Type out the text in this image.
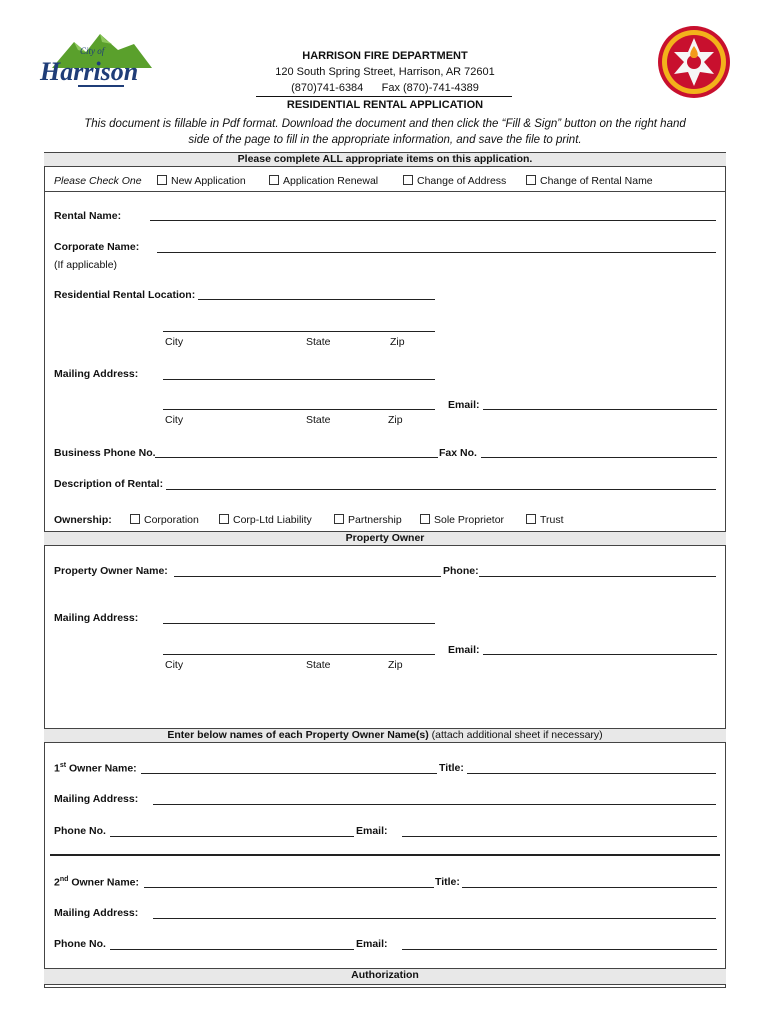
City of
Harrison
HARRISON FIRE DEPARTMENT
120 South Spring Street, Harrison, AR 72601
(870)741-6384      Fax (870)-741-4389
RESIDENTIAL RENTAL APPLICATION
This document is fillable in Pdf format. Download the document and then click the “Fill & Sign” button on the right hand
side of the page to fill in the appropriate information, and save the file to print.
Please complete ALL appropriate items on this application.
Please Check One	New Application	Application Renewal	Change of Address	Change of Rental Name
Rental Name:
Corporate Name:
(If applicable)
Residential Rental Location:
City	State	Zip
Mailing Address:
Email:
City	State	Zip
Business Phone No.	Fax No.
Description of Rental:
Ownership:	Corporation	Corp-Ltd Liability	Partnership	Sole Proprietor	Trust
Property Owner
Property Owner Name:	Phone:
Mailing Address:
Email:
City	State	Zip
Enter below names of each Property Owner Name(s) (attach additional sheet if necessary)
1st Owner Name:	Title:
Mailing Address:
Phone No.	Email:
2nd Owner Name:	Title:
Mailing Address:
Phone No.	Email:
Authorization
